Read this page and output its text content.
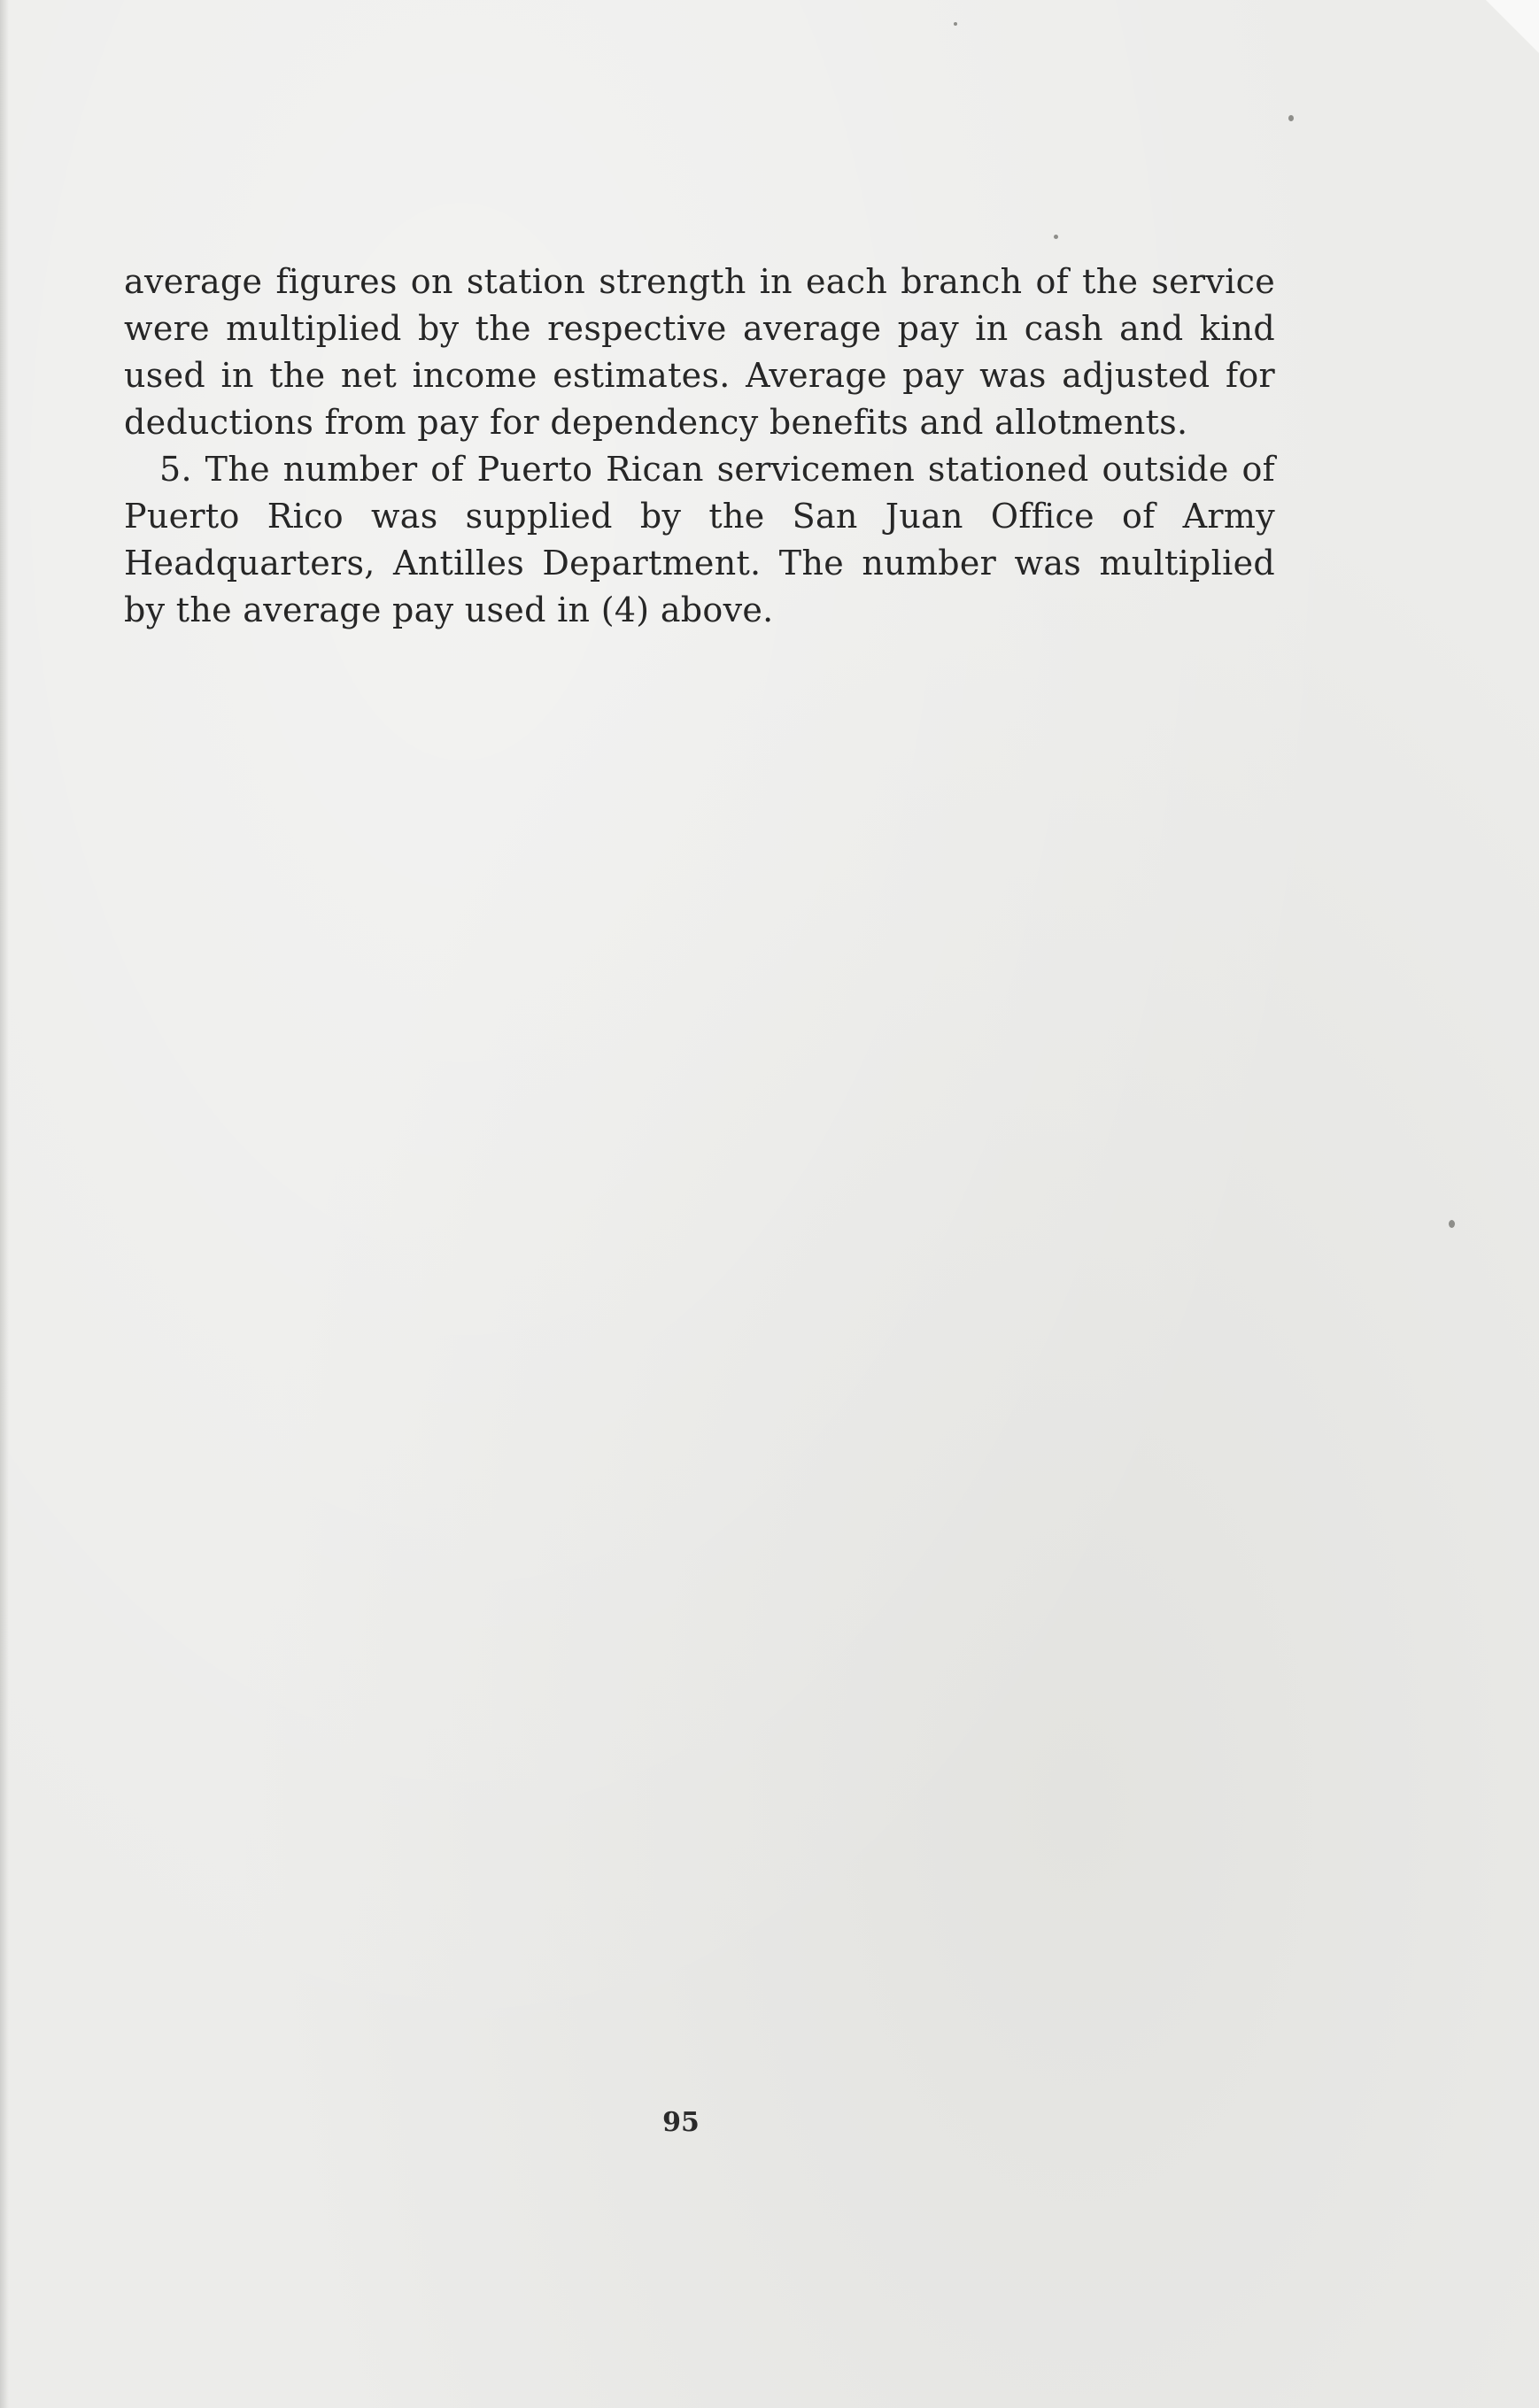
average figures on station strength in each branch of the service were multiplied by the respective average pay in cash and kind used in the net income estimates. Average pay was adjusted for deductions from pay for dependency benefits and allotments.

5. The number of Puerto Rican servicemen stationed outside of Puerto Rico was supplied by the San Juan Office of Army Headquarters, Antilles Department. The number was multiplied by the average pay used in (4) above.

95
